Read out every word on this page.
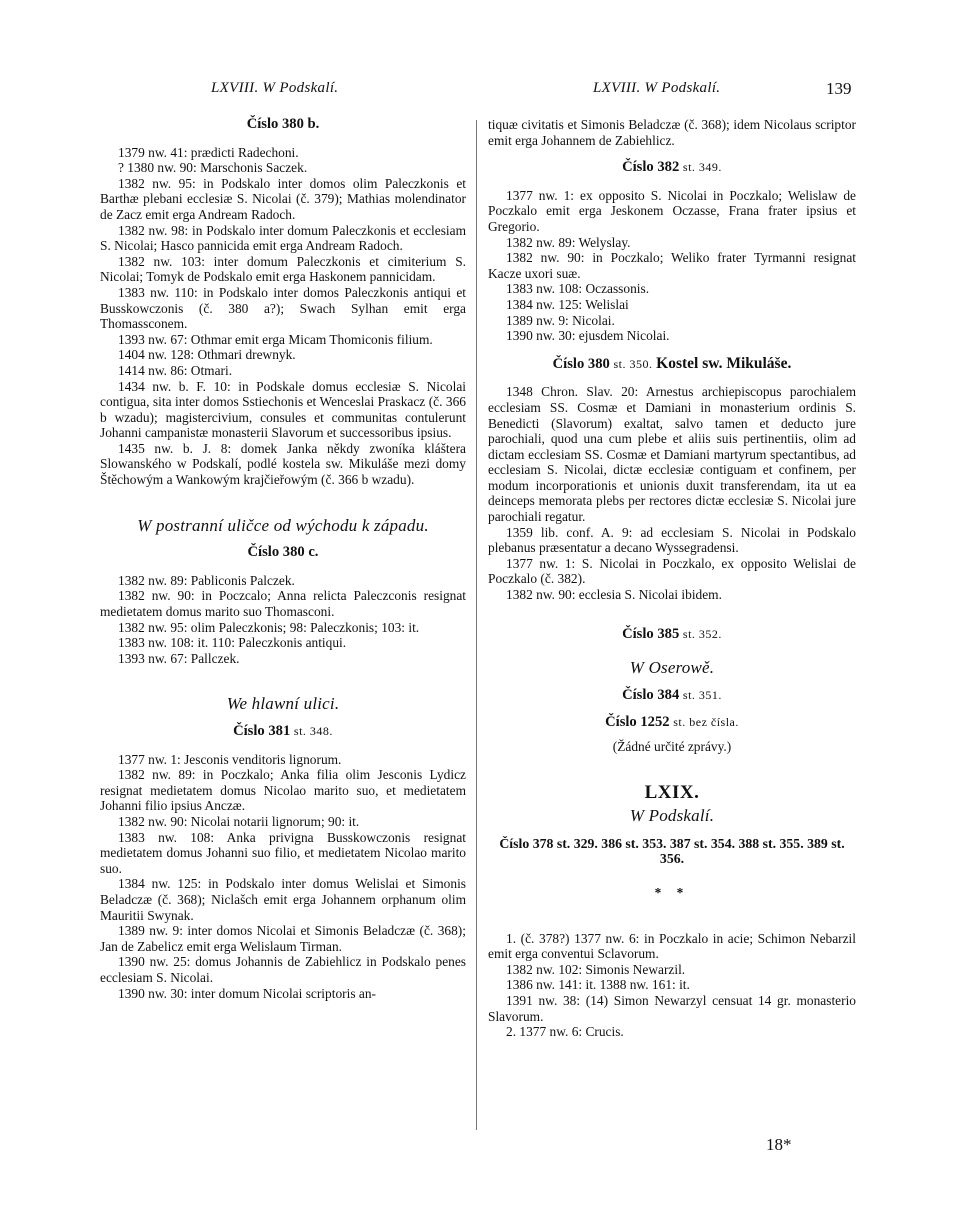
LXVIII. W Podskalí.	LXVIII. W Podskalí.	139

Číslo 380 b.

1379 nw. 41: prædicti Radechoni.

? 1380 nw. 90: Marschonis Saczek.

1382 nw. 95: in Podskalo inter domos olim Paleczkonis et Barthæ plebani ecclesiæ S. Nicolai (č. 379); Mathias molendinator de Zacz emit erga Andream Radoch.

1382 nw. 98: in Podskalo inter domum Paleczkonis et ecclesiam S. Nicolai; Hasco pannicida emit erga Andream Radoch.

1382 nw. 103: inter domum Paleczkonis et cimiterium S. Nicolai; Tomyk de Podskalo emit erga Haskonem pannicidam.

1383 nw. 110: in Podskalo inter domos Paleczkonis antiqui et Busskowczonis (č. 380 a?); Swach Sylhan emit erga Thomassconem.

1393 nw. 67: Othmar emit erga Micam Thomiconis filium.

1404 nw. 128: Othmari drewnyk.

1414 nw. 86: Otmari.

1434 nw. b. F. 10: in Podskale domus ecclesiæ S. Nicolai contigua, sita inter domos Sstiechonis et Wenceslai Praskacz (č. 366 b wzadu); magistercivium, consules et communitas contulerunt Johanni campanistæ monasterii Slavorum et successoribus ipsius.

1435 nw. b. J. 8: domek Janka někdy zwoníka kláštera Slowanského w Podskalí, podlé kostela sw. Mikuláše mezi domy Štěchowým a Wankowým krajčieřowým (č. 366 b wzadu).

W postranní uličce od wýchodu k západu.

Číslo 380 c.

1382 nw. 89: Pabliconis Palczek.

1382 nw. 90: in Poczcalo; Anna relicta Paleczconis resignat medietatem domus marito suo Thomasconi.

1382 nw. 95: olim Paleczkonis; 98: Paleczkonis; 103: it.

1383 nw. 108: it. 110: Paleczkonis antiqui.

1393 nw. 67: Pallczek.

We hlawní ulici.

Číslo 381 st. 348.

1377 nw. 1: Jesconis venditoris lignorum.

1382 nw. 89: in Poczkalo; Anka filia olim Jesconis Lydicz resignat medietatem domus Nicolao marito suo, et medietatem Johanni filio ipsius Anczæ.

1382 nw. 90: Nicolai notarii lignorum; 90: it.

1383 nw. 108: Anka privigna Busskowczonis resignat medietatem domus Johanni suo filio, et medietatem Nicolao marito suo.

1384 nw. 125: in Podskalo inter domus Welislai et Simonis Beladczæ (č. 368); Niclašch emit erga Johannem orphanum olim Mauritii Swynak.

1389 nw. 9: inter domos Nicolai et Simonis Beladczæ (č. 368); Jan de Zabelicz emit erga Welislaum Tirman.

1390 nw. 25: domus Johannis de Zabiehlicz in Podskalo penes ecclesiam S. Nicolai.

1390 nw. 30: inter domum Nicolai scriptoris an-

tiquæ civitatis et Simonis Beladczæ (č. 368); idem Nicolaus scriptor emit erga Johannem de Zabiehlicz.

Číslo 382 st. 349.

1377 nw. 1: ex opposito S. Nicolai in Poczkalo; Welislaw de Poczkalo emit erga Jeskonem Oczasse, Frana frater ipsius et Gregorio.

1382 nw. 89: Welyslay.

1382 nw. 90: in Poczkalo; Weliko frater Tyrmanni resignat Kacze uxori suæ.

1383 nw. 108: Oczassonis.

1384 nw. 125: Welislai

1389 nw. 9: Nicolai.

1390 nw. 30: ejusdem Nicolai.

Číslo 380 st. 350. Kostel sw. Mikuláše.

1348 Chron. Slav. 20: Arnestus archiepiscopus parochialem ecclesiam SS. Cosmæ et Damiani in monasterium ordinis S. Benedicti (Slavorum) exaltat, salvo tamen et deducto jure parochiali, quod una cum plebe et aliis suis pertinentiis, olim ad dictam ecclesiam SS. Cosmæ et Damiani martyrum spectantibus, ad ecclesiam S. Nicolai, dictæ ecclesiæ contiguam et confinem, per modum incorporationis et unionis duxit transferendam, ita ut ea deinceps memorata plebs per rectores dictæ ecclesiæ S. Nicolai jure parochiali regatur.

1359 lib. conf. A. 9: ad ecclesiam S. Nicolai in Podskalo plebanus præsentatur a decano Wyssegradensi.

1377 nw. 1: S. Nicolai in Poczkalo, ex opposito Welislai de Poczkalo (č. 382).

1382 nw. 90: ecclesia S. Nicolai ibidem.

Číslo 385 st. 352.

W Oserowě.

Číslo 384 st. 351.

Číslo 1252 st. bez čísla.

(Žádné určité zprávy.)

LXIX.

W Podskalí.

Číslo 378 st. 329. 386 st. 353. 387 st. 354. 388 st. 355. 389 st. 356.

* *

1. (č. 378?) 1377 nw. 6: in Poczkalo in acie; Schimon Nebarzil emit erga conventui Sclavorum.

1382 nw. 102: Simonis Newarzil.

1386 nw. 141: it. 1388 nw. 161: it.

1391 nw. 38: (14) Simon Newarzyl censuat 14 gr. monasterio Slavorum.

2. 1377 nw. 6: Crucis.

18*
